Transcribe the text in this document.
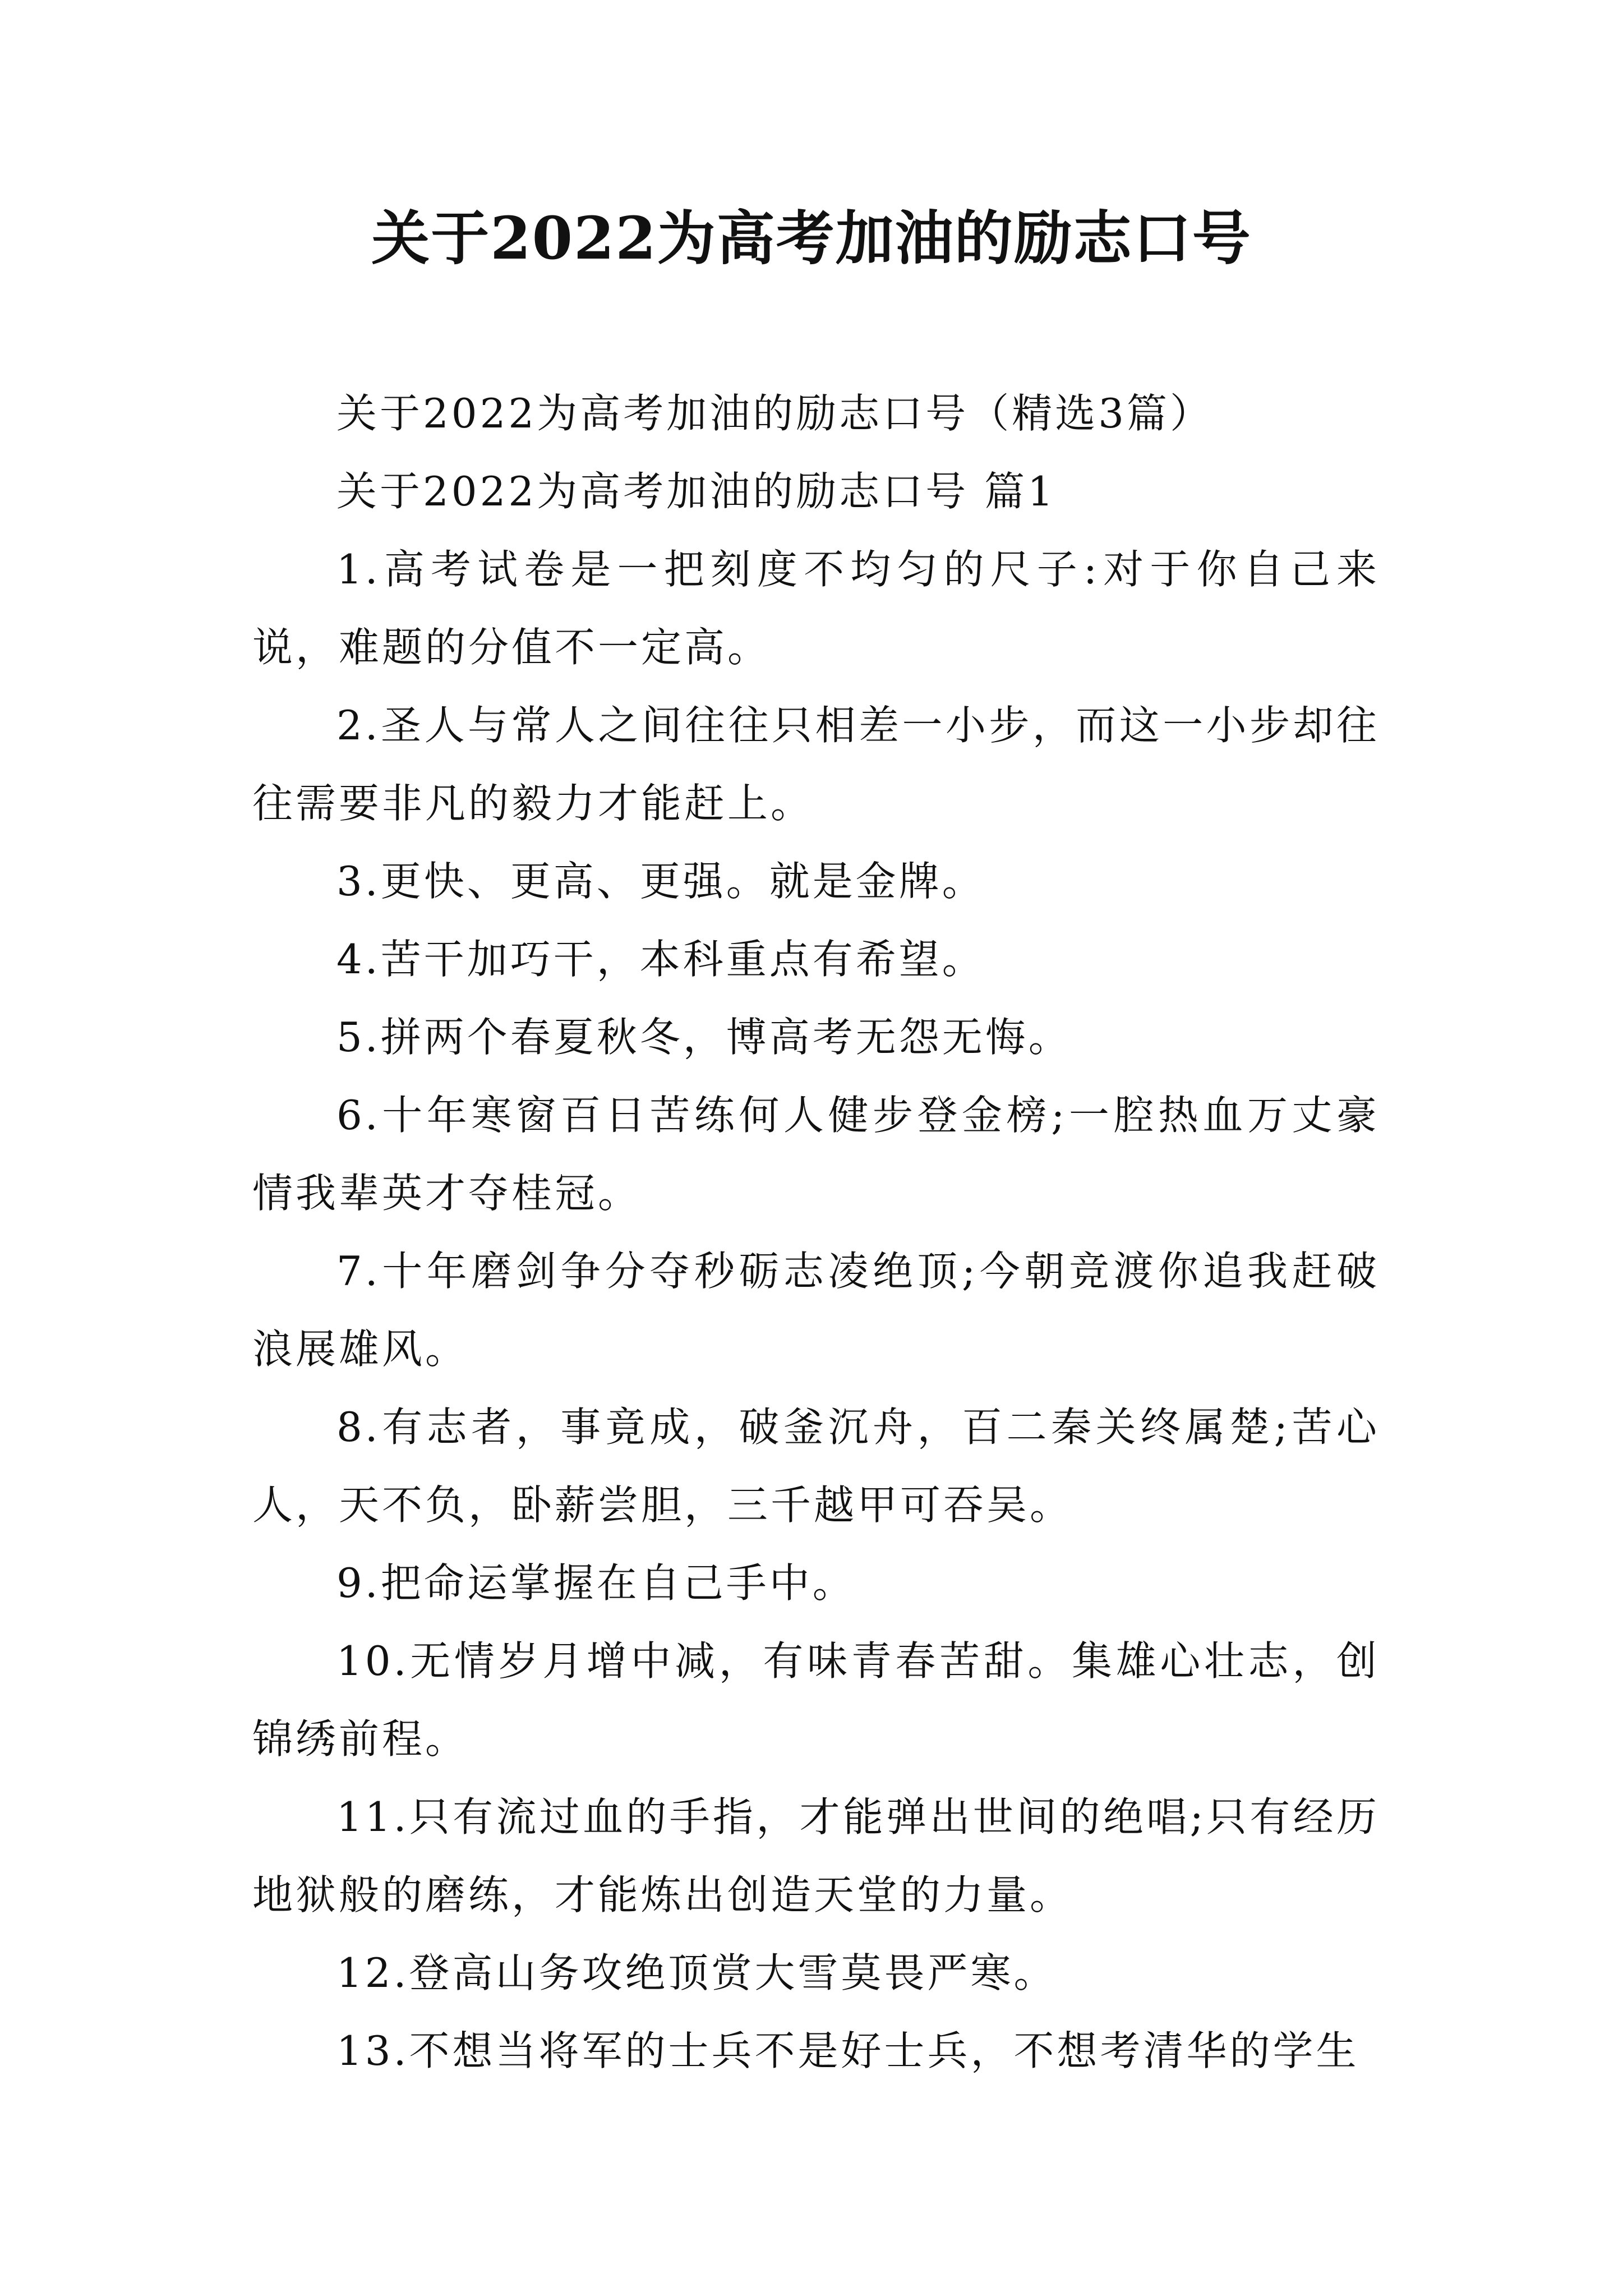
关于2022为高考加油的励志口号

关于2022为高考加油的励志口号（精选3篇）

关于2022为高考加油的励志口号 篇1

1.高考试卷是一把刻度不均匀的尺子:对于你自己来说，难题的分值不一定高。

2.圣人与常人之间往往只相差一小步，而这一小步却往往需要非凡的毅力才能赶上。

3.更快、更高、更强。就是金牌。

4.苦干加巧干，本科重点有希望。

5.拼两个春夏秋冬，博高考无怨无悔。

6.十年寒窗百日苦练何人健步登金榜;一腔热血万丈豪情我辈英才夺桂冠。

7.十年磨剑争分夺秒砺志凌绝顶;今朝竞渡你追我赶破浪展雄风。

8.有志者，事竟成，破釜沉舟，百二秦关终属楚;苦心人，天不负，卧薪尝胆，三千越甲可吞吴。

9.把命运掌握在自己手中。

10.无情岁月增中减，有味青春苦甜。集雄心壮志，创锦绣前程。

11.只有流过血的手指，才能弹出世间的绝唱;只有经历地狱般的磨练，才能炼出创造天堂的力量。

12.登高山务攻绝顶赏大雪莫畏严寒。

13.不想当将军的士兵不是好士兵，不想考清华的学生
